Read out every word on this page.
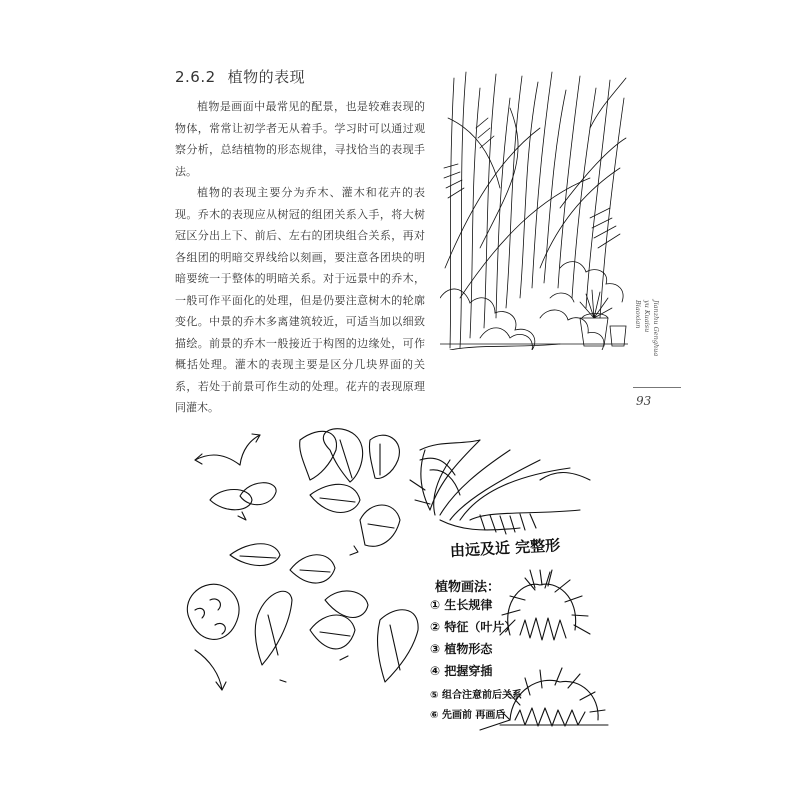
2.6.2 植物的表现

植物是画面中最常见的配景，也是较难表现的物体，常常让初学者无从着手。学习时可以通过观察分析，总结植物的形态规律，寻找恰当的表现手法。

植物的表现主要分为乔木、灌木和花卉的表现。乔木的表现应从树冠的组团关系入手，将大树冠区分出上下、前后、左右的团块组合关系，再对各组团的明暗交界线给以刻画，要注意各团块的明暗要统一于整体的明暗关系。对于远景中的乔木，一般可作平面化的处理，但是仍要注意树木的轮廓变化。中景的乔木多离建筑较近，可适当加以细致描绘。前景的乔木一般接近于构图的边缘处，可作概括处理。灌木的表现主要是区分几块界面的关系，若处于前景可作生动的处理。花卉的表现原理同灌木。

Jianzhu Genghua
yu Kuaisu
Biaoxian
93
由远及近 完整形
植物画法：
① 生长规律
② 特征（叶片）
③ 植物形态
④ 把握穿插
⑤ 组合注意前后关系
⑥ 先画前 再画后
